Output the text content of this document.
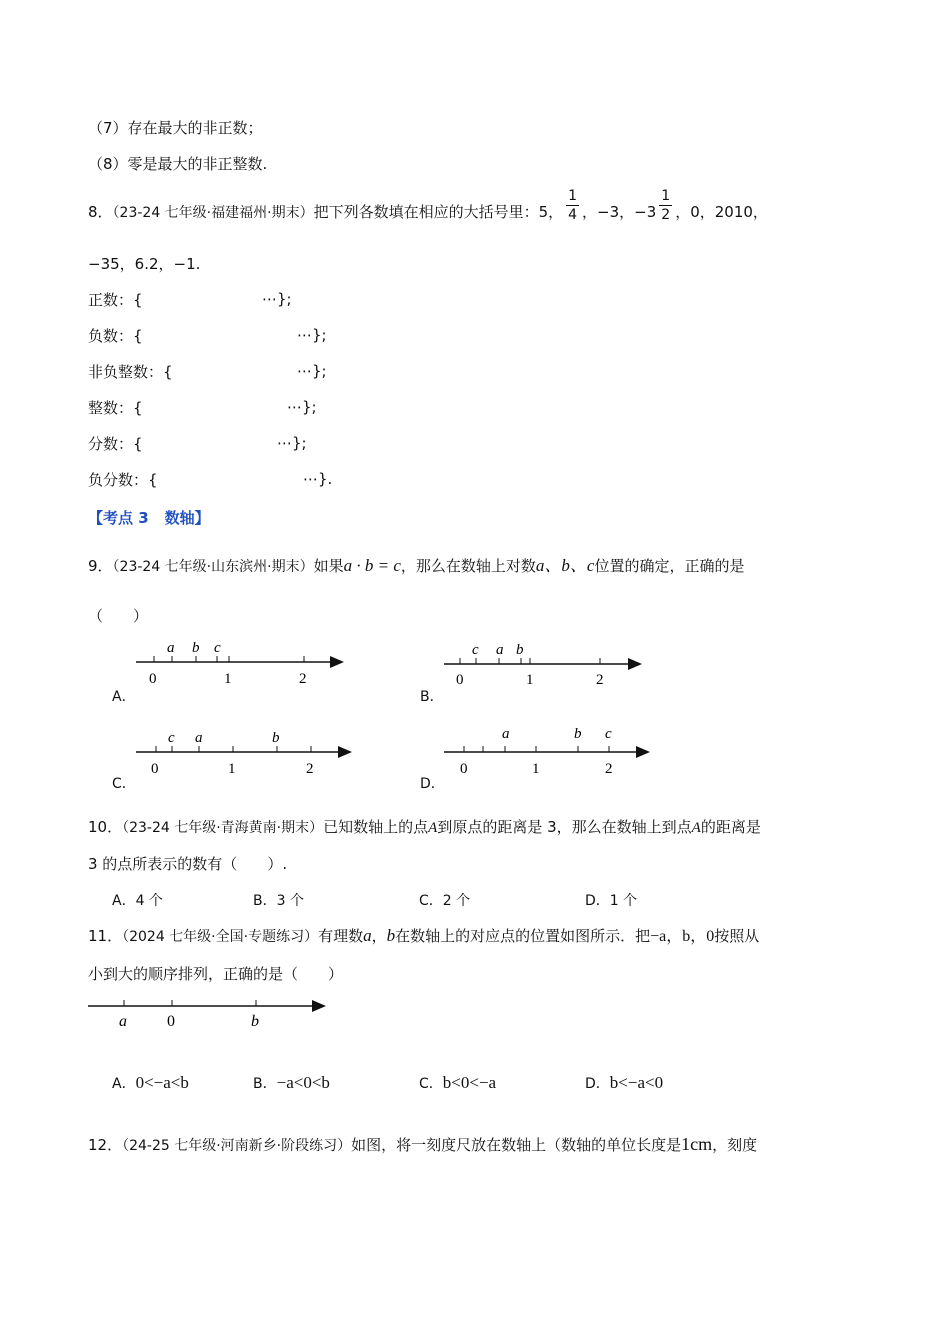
（7）存在最大的非正数；
（8）零是最大的非正整数.
8．（23-24 七年级·福建福州·期末）把下列各数填在相应的大括号里：5， $\frac{1}{4}$ ，−3，$-3 \frac{1}{2}$ ，0，2010，
−35，6.2，−1.
正数：{	⋯};
负数：{	⋯};
非负整数：{	⋯};
整数：{	⋯};
分数：{	⋯};
负分数：{	⋯}.
【考点 3 数轴】
9．（23-24 七年级·山东滨州·期末）如果a · b = c，那么在数轴上对数a、b、c位置的确定，正确的是
（　　）
a b c
0	1	2
A．
c a b
0	1	2
B．
c a	b
0	1	2
C．
a	b c
0	1	2
D．
10．（23-24 七年级·青海黄南·期末）已知数轴上的点A到原点的距离是 3，那么在数轴上到点A的距离是
3 的点所表示的数有（　　）.
A．4 个	B．3 个	C．2 个	D．1 个
11．（2024 七年级·全国·专题练习）有理数a，b在数轴上的对应点的位置如图所示．把−a，b，0按照从
小到大的顺序排列，正确的是（　　）
a	0	b
A．0<−a<b	B．−a<0<b	C．b<0<−a	D．b<−a<0
12．（24-25 七年级·河南新乡·阶段练习）如图，将一刻度尺放在数轴上（数轴的单位长度是1cm，刻度
